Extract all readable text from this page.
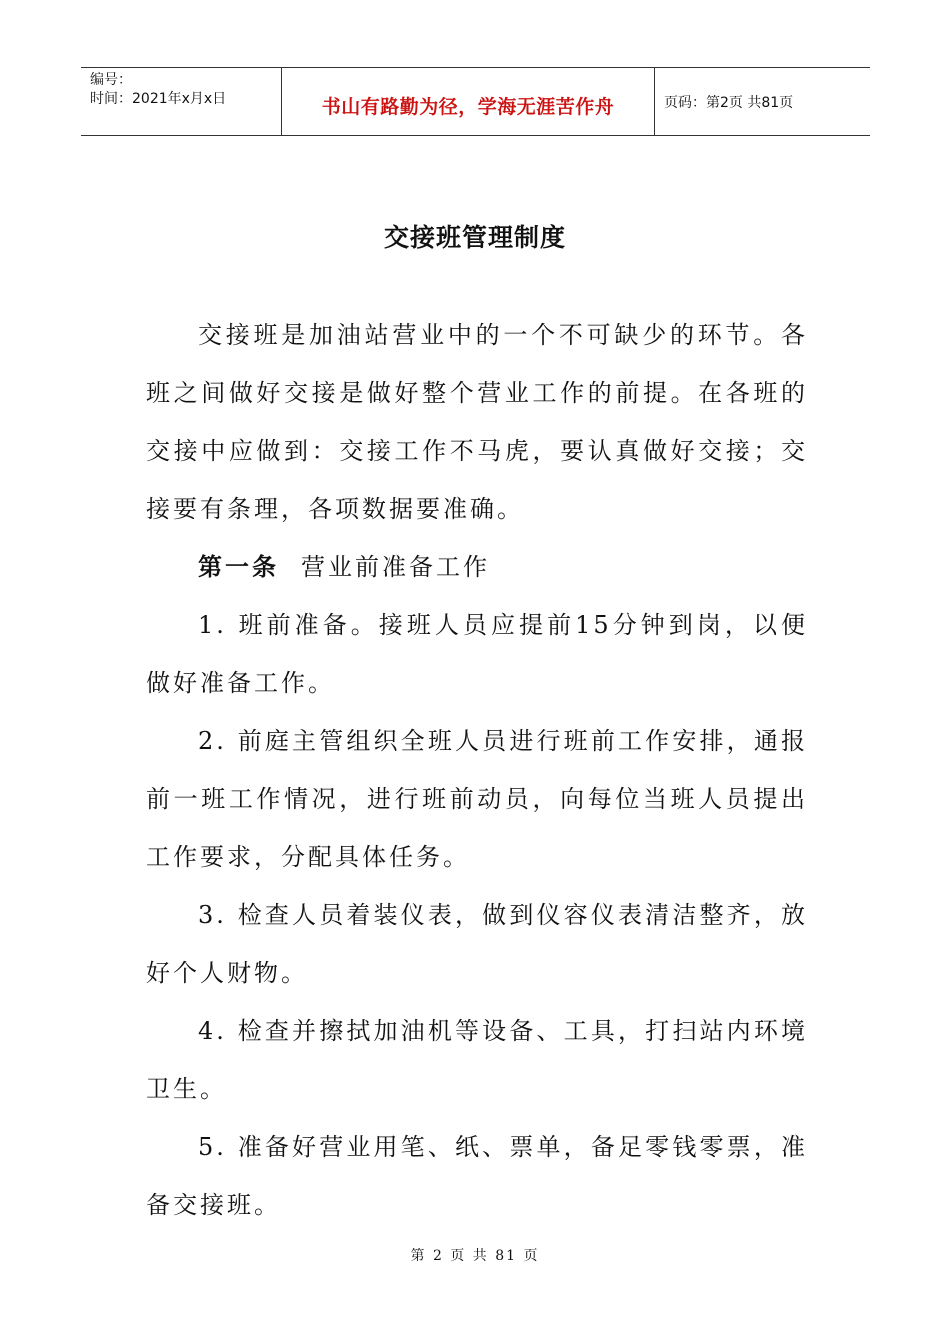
编号：
时间：2021年x月x日	书山有路勤为径，学海无涯苦作舟	页码：第2页 共81页
交接班管理制度

交接班是加油站营业中的一个不可缺少的环节。各班之间做好交接是做好整个营业工作的前提。在各班的交接中应做到：交接工作不马虎，要认真做好交接；交接要有条理，各项数据要准确。

第一条 营业前准备工作

1. 班前准备。接班人员应提前15分钟到岗，以便做好准备工作。

2. 前庭主管组织全班人员进行班前工作安排，通报前一班工作情况，进行班前动员，向每位当班人员提出工作要求，分配具体任务。

3. 检查人员着装仪表，做到仪容仪表清洁整齐，放好个人财物。

4. 检查并擦拭加油机等设备、工具，打扫站内环境卫生。

5. 准备好营业用笔、纸、票单，备足零钱零票，准备交接班。

第 2 页 共 81 页
